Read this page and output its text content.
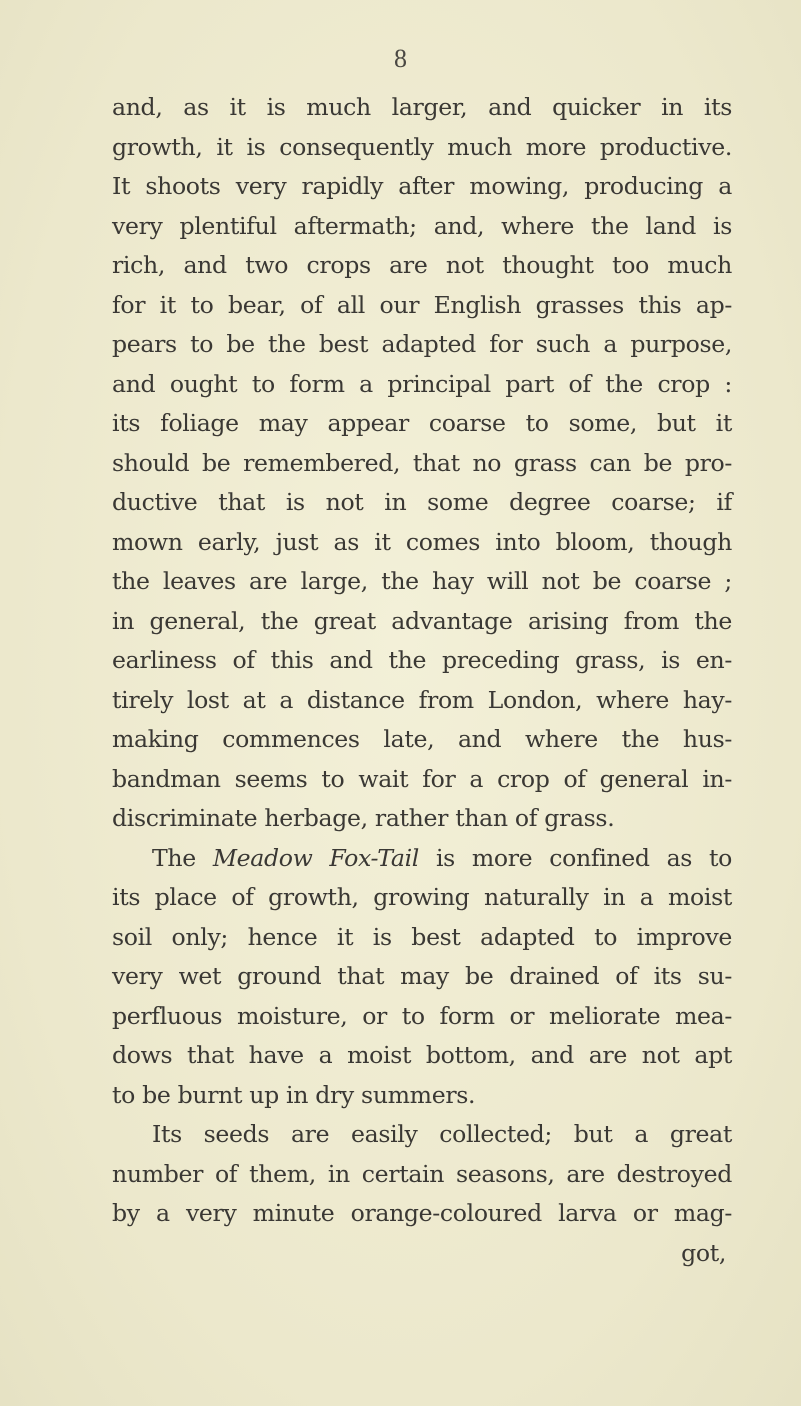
8

and, as it is much larger, and quicker in its
growth, it is consequently much more productive.
It shoots very rapidly after mowing, producing a
very plentiful aftermath; and, where the land is
rich, and two crops are not thought too much
for it to bear, of all our English grasses this ap-
pears to be the best adapted for such a purpose,
and ought to form a principal part of the crop :
its foliage may appear coarse to some, but it
should be remembered, that no grass can be pro-
ductive that is not in some degree coarse; if
mown early, just as it comes into bloom, though
the leaves are large, the hay will not be coarse ;
in general, the great advantage arising from the
earliness of this and the preceding grass, is en-
tirely lost at a distance from London, where hay-
making commences late, and where the hus-
bandman seems to wait for a crop of general in-
discriminate herbage, rather than of grass.
The Meadow Fox-Tail is more confined as to
its place of growth, growing naturally in a moist
soil only; hence it is best adapted to improve
very wet ground that may be drained of its su-
perfluous moisture, or to form or meliorate mea-
dows that have a moist bottom, and are not apt
to be burnt up in dry summers.
Its seeds are easily collected; but a great
number of them, in certain seasons, are destroyed
by a very minute orange-coloured larva or mag-
got,
